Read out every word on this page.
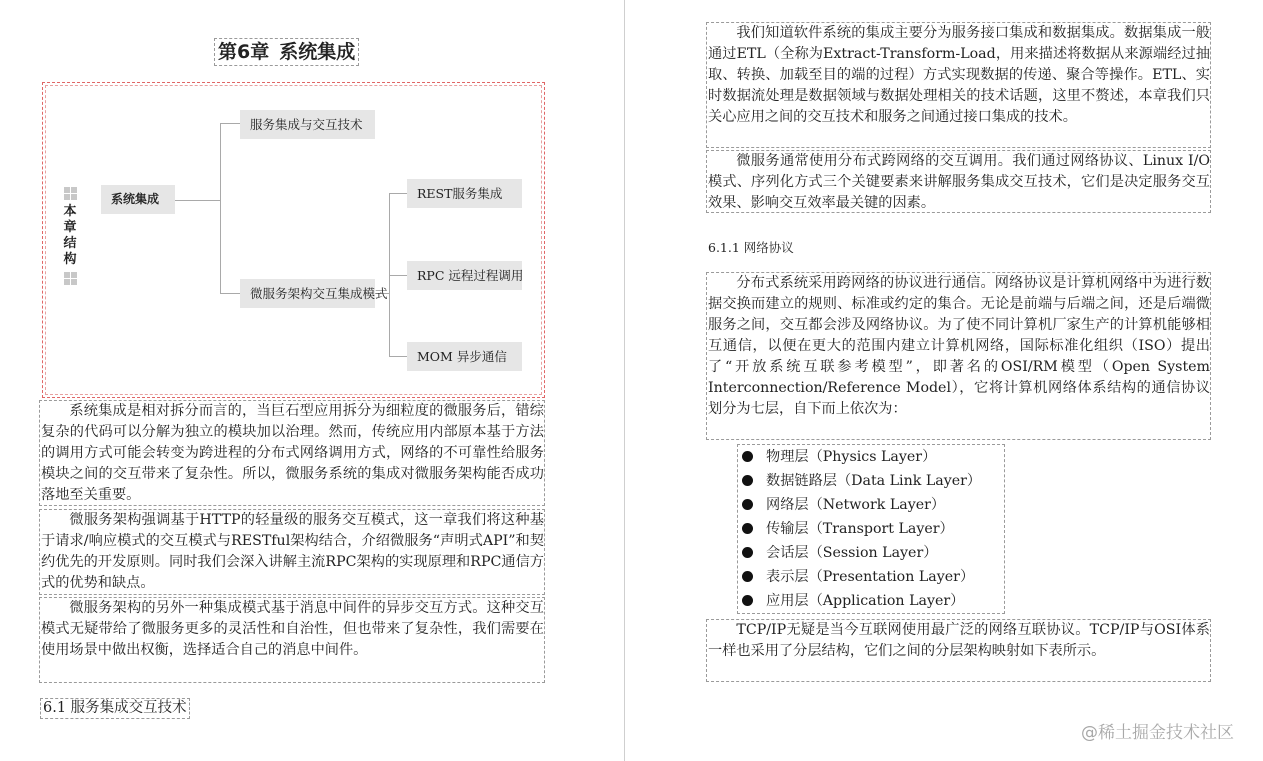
第6章 系统集成
本
章
结
构
系统集成
服务集成与交互技术
微服务架构交互集成模式
REST服务集成
RPC 远程过程调用
MOM 异步通信
系统集成是相对拆分而言的，当巨石型应用拆分为细粒度的微服务后，错综复杂的代码可以分解为独立的模块加以治理。然而，传统应用内部原本基于方法的调用方式可能会转变为跨进程的分布式网络调用方式，网络的不可靠性给服务模块之间的交互带来了复杂性。所以，微服务系统的集成对微服务架构能否成功落地至关重要。
微服务架构强调基于HTTP的轻量级的服务交互模式，这一章我们将这种基于请求/响应模式的交互模式与RESTful架构结合，介绍微服务“声明式API”和契约优先的开发原则。同时我们会深入讲解主流RPC架构的实现原理和RPC通信方式的优势和缺点。
微服务架构的另外一种集成模式基于消息中间件的异步交互方式。这种交互模式无疑带给了微服务更多的灵活性和自治性，但也带来了复杂性，我们需要在使用场景中做出权衡，选择适合自己的消息中间件。
6.1 服务集成交互技术
我们知道软件系统的集成主要分为服务接口集成和数据集成。数据集成一般通过ETL（全称为Extract-Transform-Load，用来描述将数据从来源端经过抽取、转换、加载至目的端的过程）方式实现数据的传递、聚合等操作。ETL、实时数据流处理是数据领域与数据处理相关的技术话题，这里不赘述，本章我们只关心应用之间的交互技术和服务之间通过接口集成的技术。
微服务通常使用分布式跨网络的交互调用。我们通过网络协议、Linux I/O模式、序列化方式三个关键要素来讲解服务集成交互技术，它们是决定服务交互效果、影响交互效率最关键的因素。
6.1.1 网络协议
分布式系统采用跨网络的协议进行通信。网络协议是计算机网络中为进行数据交换而建立的规则、标准或约定的集合。无论是前端与后端之间，还是后端微服务之间，交互都会涉及网络协议。为了使不同计算机厂家生产的计算机能够相互通信，以便在更大的范围内建立计算机网络，国际标准化组织（ISO）提出了“开放系统互联参考模型”，即著名的OSI/RM模型（Open System Interconnection/Reference Model），它将计算机网络体系结构的通信协议划分为七层，自下而上依次为：
物理层（Physics Layer）
数据链路层（Data Link Layer）
网络层（Network Layer）
传输层（Transport Layer）
会话层（Session Layer）
表示层（Presentation Layer）
应用层（Application Layer）
TCP/IP无疑是当今互联网使用最广泛的网络互联协议。TCP/IP与OSI体系一样也采用了分层结构，它们之间的分层架构映射如下表所示。
@稀土掘金技术社区
